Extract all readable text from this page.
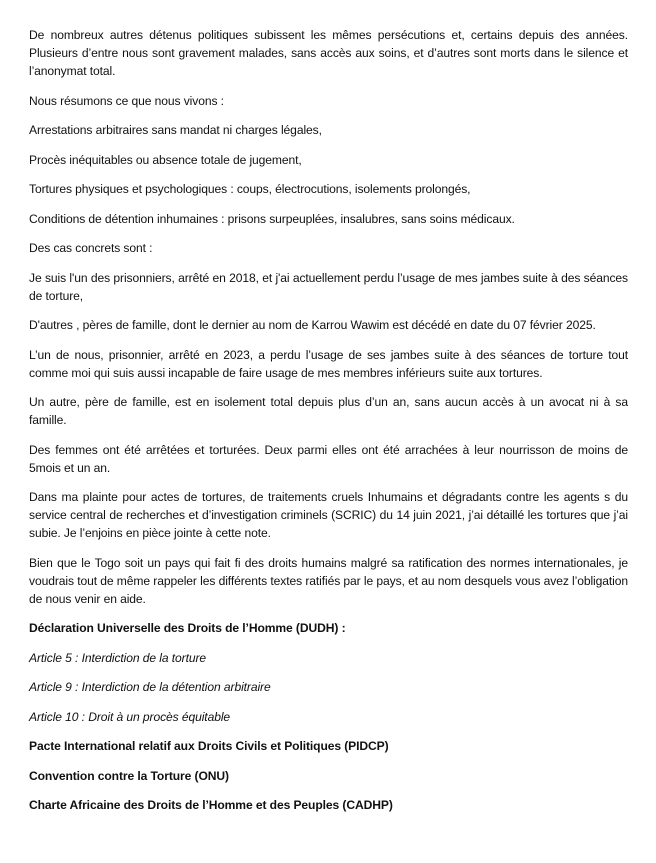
De nombreux autres détenus politiques subissent les mêmes persécutions et, certains depuis des années. Plusieurs d’entre nous sont gravement malades, sans accès aux soins, et d’autres sont morts dans le silence et l’anonymat total.

Nous résumons ce que nous vivons :

Arrestations arbitraires sans mandat ni charges légales,

Procès inéquitables ou absence totale de jugement,

Tortures physiques et psychologiques : coups, électrocutions, isolements prolongés,

Conditions de détention inhumaines : prisons surpeuplées, insalubres, sans soins médicaux.

Des cas concrets sont :

Je suis l'un des prisonniers, arrêté en 2018, et j'ai actuellement perdu l’usage de mes jambes suite à des séances de torture,

D'autres , pères de famille, dont le dernier au nom de Karrou Wawim est décédé en date du 07 février 2025.

L’un de nous, prisonnier, arrêté en 2023, a perdu l’usage de ses jambes suite à des séances de torture tout comme moi qui suis aussi incapable de faire usage de mes membres inférieurs suite aux tortures.

Un autre, père de famille, est en isolement total depuis plus d’un an, sans aucun accès à un avocat ni à sa famille.

Des femmes ont été arrêtées et torturées. Deux parmi elles ont été arrachées à leur nourrisson de moins de 5mois et un an.

Dans ma plainte pour actes de tortures, de traitements cruels Inhumains et dégradants contre les agents s du service central de recherches et d’investigation criminels (SCRIC) du 14 juin 2021, j’ai détaillé les tortures que j’ai subie. Je l’enjoins en pièce jointe à cette note.

Bien que le Togo soit un pays qui fait fi des droits humains malgré sa ratification des normes internationales, je voudrais tout de même rappeler les différents textes ratifiés par le pays, et au nom desquels vous avez l’obligation de nous venir en aide.

Déclaration Universelle des Droits de l’Homme (DUDH) :

Article 5 : Interdiction de la torture

Article 9 : Interdiction de la détention arbitraire

Article 10 : Droit à un procès équitable

Pacte International relatif aux Droits Civils et Politiques (PIDCP)

Convention contre la Torture (ONU)

Charte Africaine des Droits de l’Homme et des Peuples (CADHP)
